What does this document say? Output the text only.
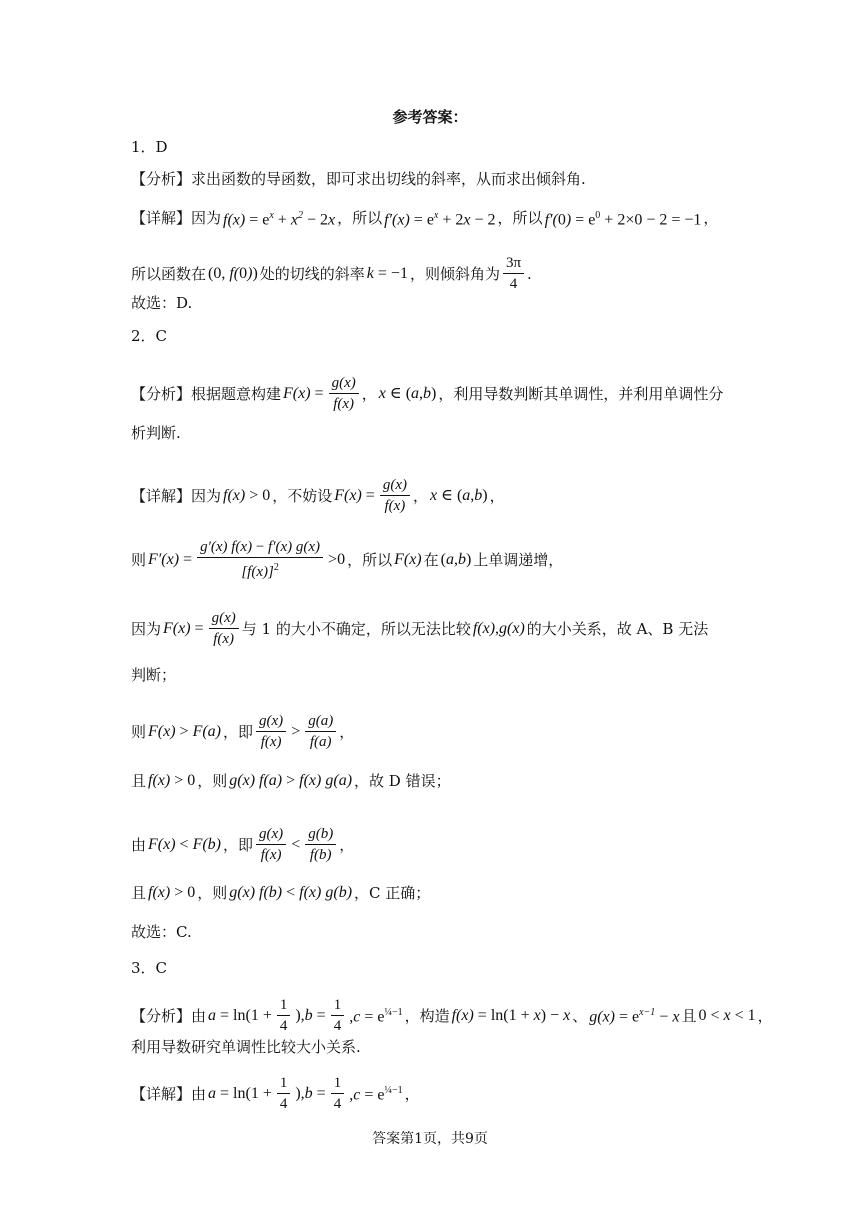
参考答案：
1．D
【分析】求出函数的导函数，即可求出切线的斜率，从而求出倾斜角.
【详解】因为 $f(x) = e^x + x^2 - 2x$ ，所以 $f'(x) = e^x + 2x - 2$ ，所以 $f'(0) = e^0 + 2\times 0 - 2 = -1$ ，
所以函数在 (0, f(0)) 处的切线的斜率 k = −1 ，则倾斜角为 $\frac{3\pi}{4}$ .
故选：D.
2．C
【分析】根据题意构建 $F(x) = \frac{g(x)}{f(x)}$ ， x ∈ (a,b) ，利用导数判断其单调性，并利用单调性分
析判断.
【详解】因为 f(x) > 0 ，不妨设 $F(x) = \frac{g(x)}{f(x)}$ ， x ∈ (a,b) ，
则 $F'(x) = \frac{g'(x) f(x) - f'(x) g(x)}{[f(x)]^2} >0$ ，所以 F(x) 在 (a,b) 上单调递增，
因为 $F(x) = \frac{g(x)}{f(x)}$ 与 1 的大小不确定，所以无法比较 f(x),g(x) 的大小关系，故 A、B 无法
判断；
则 F(x) > F(a) ，即 $\frac{g(x)}{f(x)} > \frac{g(a)}{f(a)}$ ，
且 f(x) > 0 ，则 g(x) f(a) > f(x) g(a) ，故 D 错误；
由 F(x) < F(b) ，即 $\frac{g(x)}{f(x)} < \frac{g(b)}{f(b)}$ ，
且 f(x) > 0 ，则 g(x) f(b) < f(x) g(b) ，C 正确；
故选：C.
3．C
【分析】由 $a = \ln(1 + \frac{1}{4} ),b = \frac{1}{4} ,c = e^{\frac{1}{4}-1}$ ，构造 f(x) = ln(1 + x) − x 、 $g(x) = e^{x-1} - x$ 且 0 < x < 1 ，
利用导数研究单调性比较大小关系.
【详解】由 $a = \ln(1 + \frac{1}{4} ),b = \frac{1}{4} ,c = e^{\frac{1}{4}-1}$ ，
答案第1页，共9页
